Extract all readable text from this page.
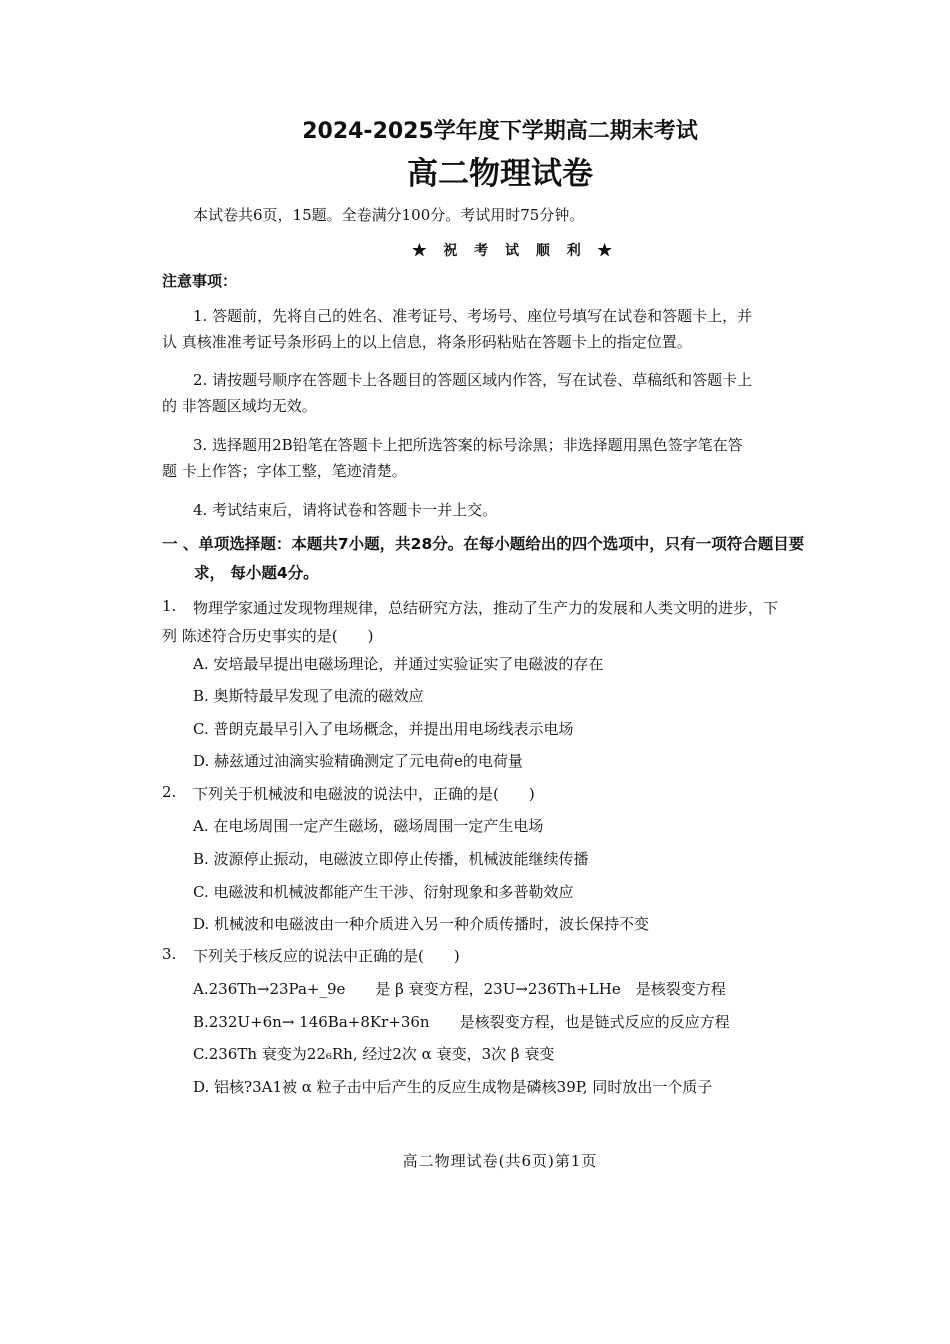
2024-2025学年度下学期高二期末考试
高二物理试卷
本试卷共6页，15题。全卷满分100分。考试用时75分钟。
★ 祝 考 试 顺 利 ★
注意事项：
1. 答题前，先将自己的姓名、准考证号、考场号、座位号填写在试卷和答题卡上，并
认 真核准准考证号条形码上的以上信息，将条形码粘贴在答题卡上的指定位置。
2. 请按题号顺序在答题卡上各题目的答题区域内作答，写在试卷、草稿纸和答题卡上
的 非答题区域均无效。
3. 选择题用2B铅笔在答题卡上把所选答案的标号涂黑；非选择题用黑色签字笔在答
题 卡上作答；字体工整，笔迹清楚。
4. 考试结束后，请将试卷和答题卡一并上交。
一 、单项选择题：本题共7小题，共28分。在每小题给出的四个选项中，只有一项符合题目要
求， 每小题4分。
1. 物理学家通过发现物理规律，总结研究方法，推动了生产力的发展和人类文明的进步，下
列 陈述符合历史事实的是(　　)
A. 安培最早提出电磁场理论，并通过实验证实了电磁波的存在
B. 奥斯特最早发现了电流的磁效应
C. 普朗克最早引入了电场概念，并提出用电场线表示电场
D. 赫兹通过油滴实验精确测定了元电荷e的电荷量
2. 下列关于机械波和电磁波的说法中，正确的是(　　)
A. 在电场周围一定产生磁场，磁场周围一定产生电场
B. 波源停止振动，电磁波立即停止传播，机械波能继续传播
C. 电磁波和机械波都能产生干涉、衍射现象和多普勒效应
D. 机械波和电磁波由一种介质进入另一种介质传播时，波长保持不变
3. 下列关于核反应的说法中正确的是(　　)
A.236Th→23Pa+_9e　　是 β 衰变方程，23U→236Th+LHe　是核裂变方程
B.232U+6n→ 146Ba+8Kr+36n　　是核裂变方程，也是链式反应的反应方程
C.236Th 衰变为22₆Rh, 经过2次 α 衰变，3次 β 衰变
D. 铝核?3A1被 α 粒子击中后产生的反应生成物是磷核39P, 同时放出一个质子
高二物理试卷(共6页)第1页
